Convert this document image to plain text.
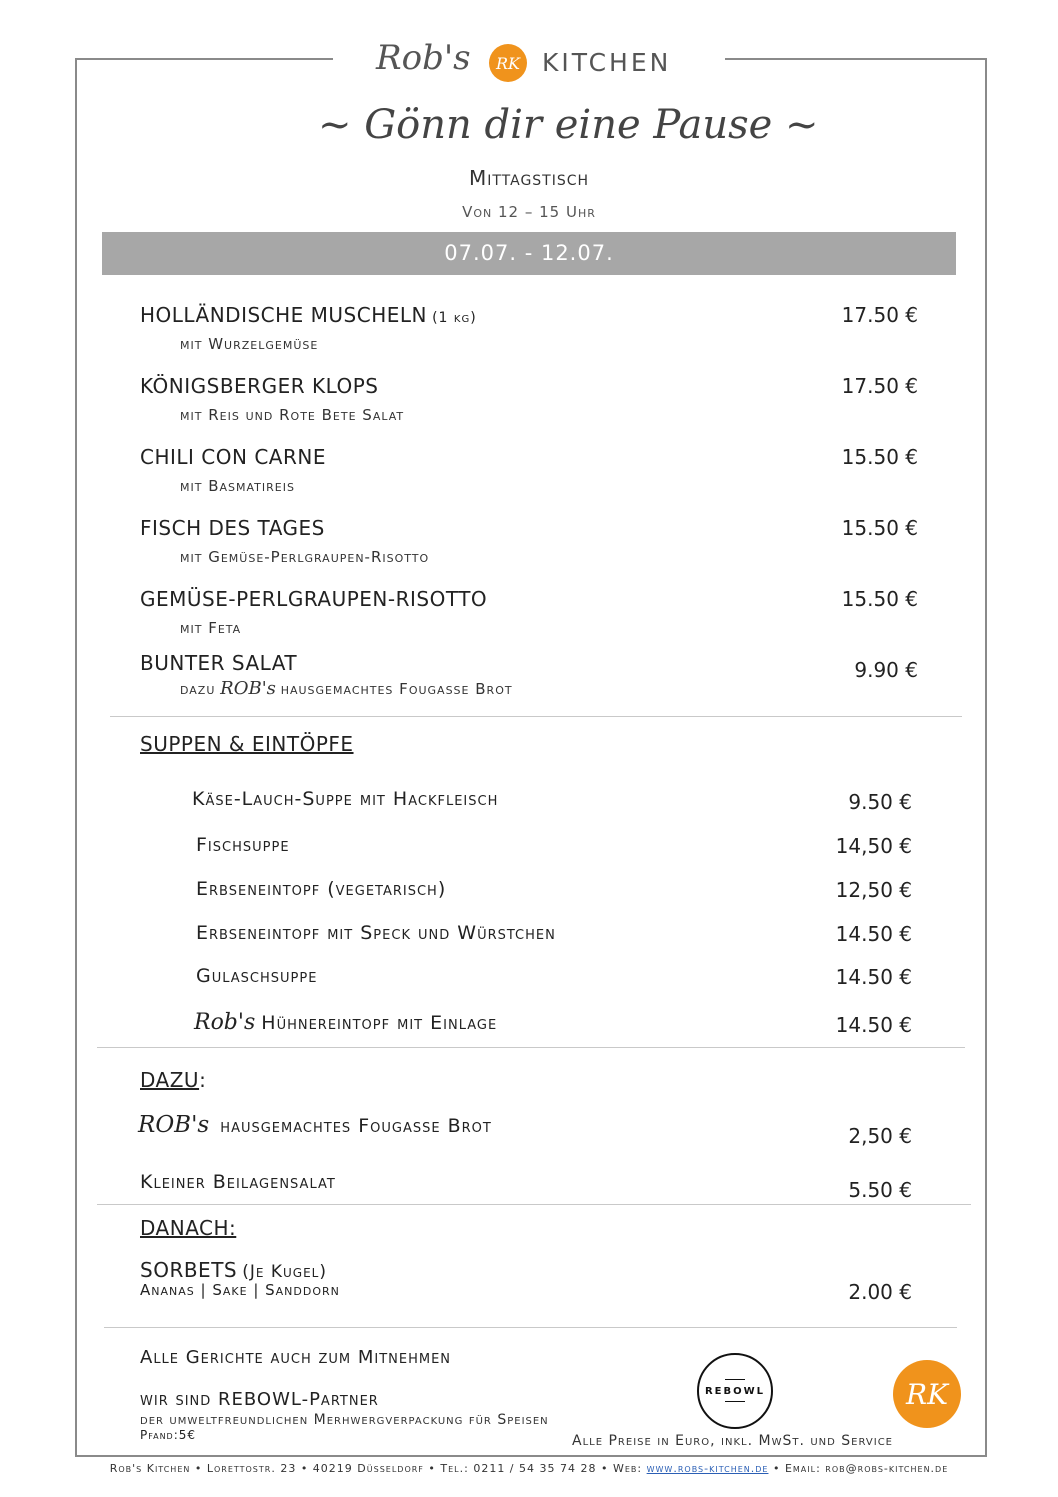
Rob's RK KITCHEN
~ Gönn dir eine Pause ~
Mittagstisch
Von 12 – 15 Uhr
07.07. - 12.07.
HOLLÄNDISCHE MUSCHELN (1 kg)
mit Wurzelgemüse
17.50 €
KÖNIGSBERGER KLOPS
mit Reis und Rote Bete Salat
17.50 €
CHILI CON CARNE
mit Basmatireis
15.50 €
FISCH DES TAGES
mit Gemüse-Perlgraupen-Risotto
15.50 €
GEMÜSE-PERLGRAUPEN-RISOTTO
mit Feta
15.50 €
BUNTER SALAT
dazu ROB's hausgemachtes Fougasse Brot
9.90 €
SUPPEN & EINTÖPFE
Käse-Lauch-Suppe mit Hackfleisch	9.50 €
Fischsuppe	14,50 €
Erbseneintopf (vegetarisch)	12,50 €
Erbseneintopf mit Speck und Würstchen	14.50 €
Gulaschsuppe	14.50 €
Rob's Hühnereintopf mit Einlage	14.50 €
DAZU:
ROB's hausgemachtes Fougasse Brot	2,50 €
Kleiner Beilagensalat	5.50 €
DANACH:
SORBETS (Je Kugel)
Ananas | Sake | Sanddorn	2.00 €
Alle Gerichte auch zum Mitnehmen
wir sind REBOWL-Partner
der umweltfreundlichen Merhwergverpackung für Speisen
Pfand:5€	Alle Preise in Euro, inkl. MwSt. und Service
REBOWL	RK
Rob's Kitchen • Lorettostr. 23 • 40219 Düsseldorf • Tel.: 0211 / 54 35 74 28 • Web: www.robs-kitchen.de • Email: rob@robs-kitchen.de
